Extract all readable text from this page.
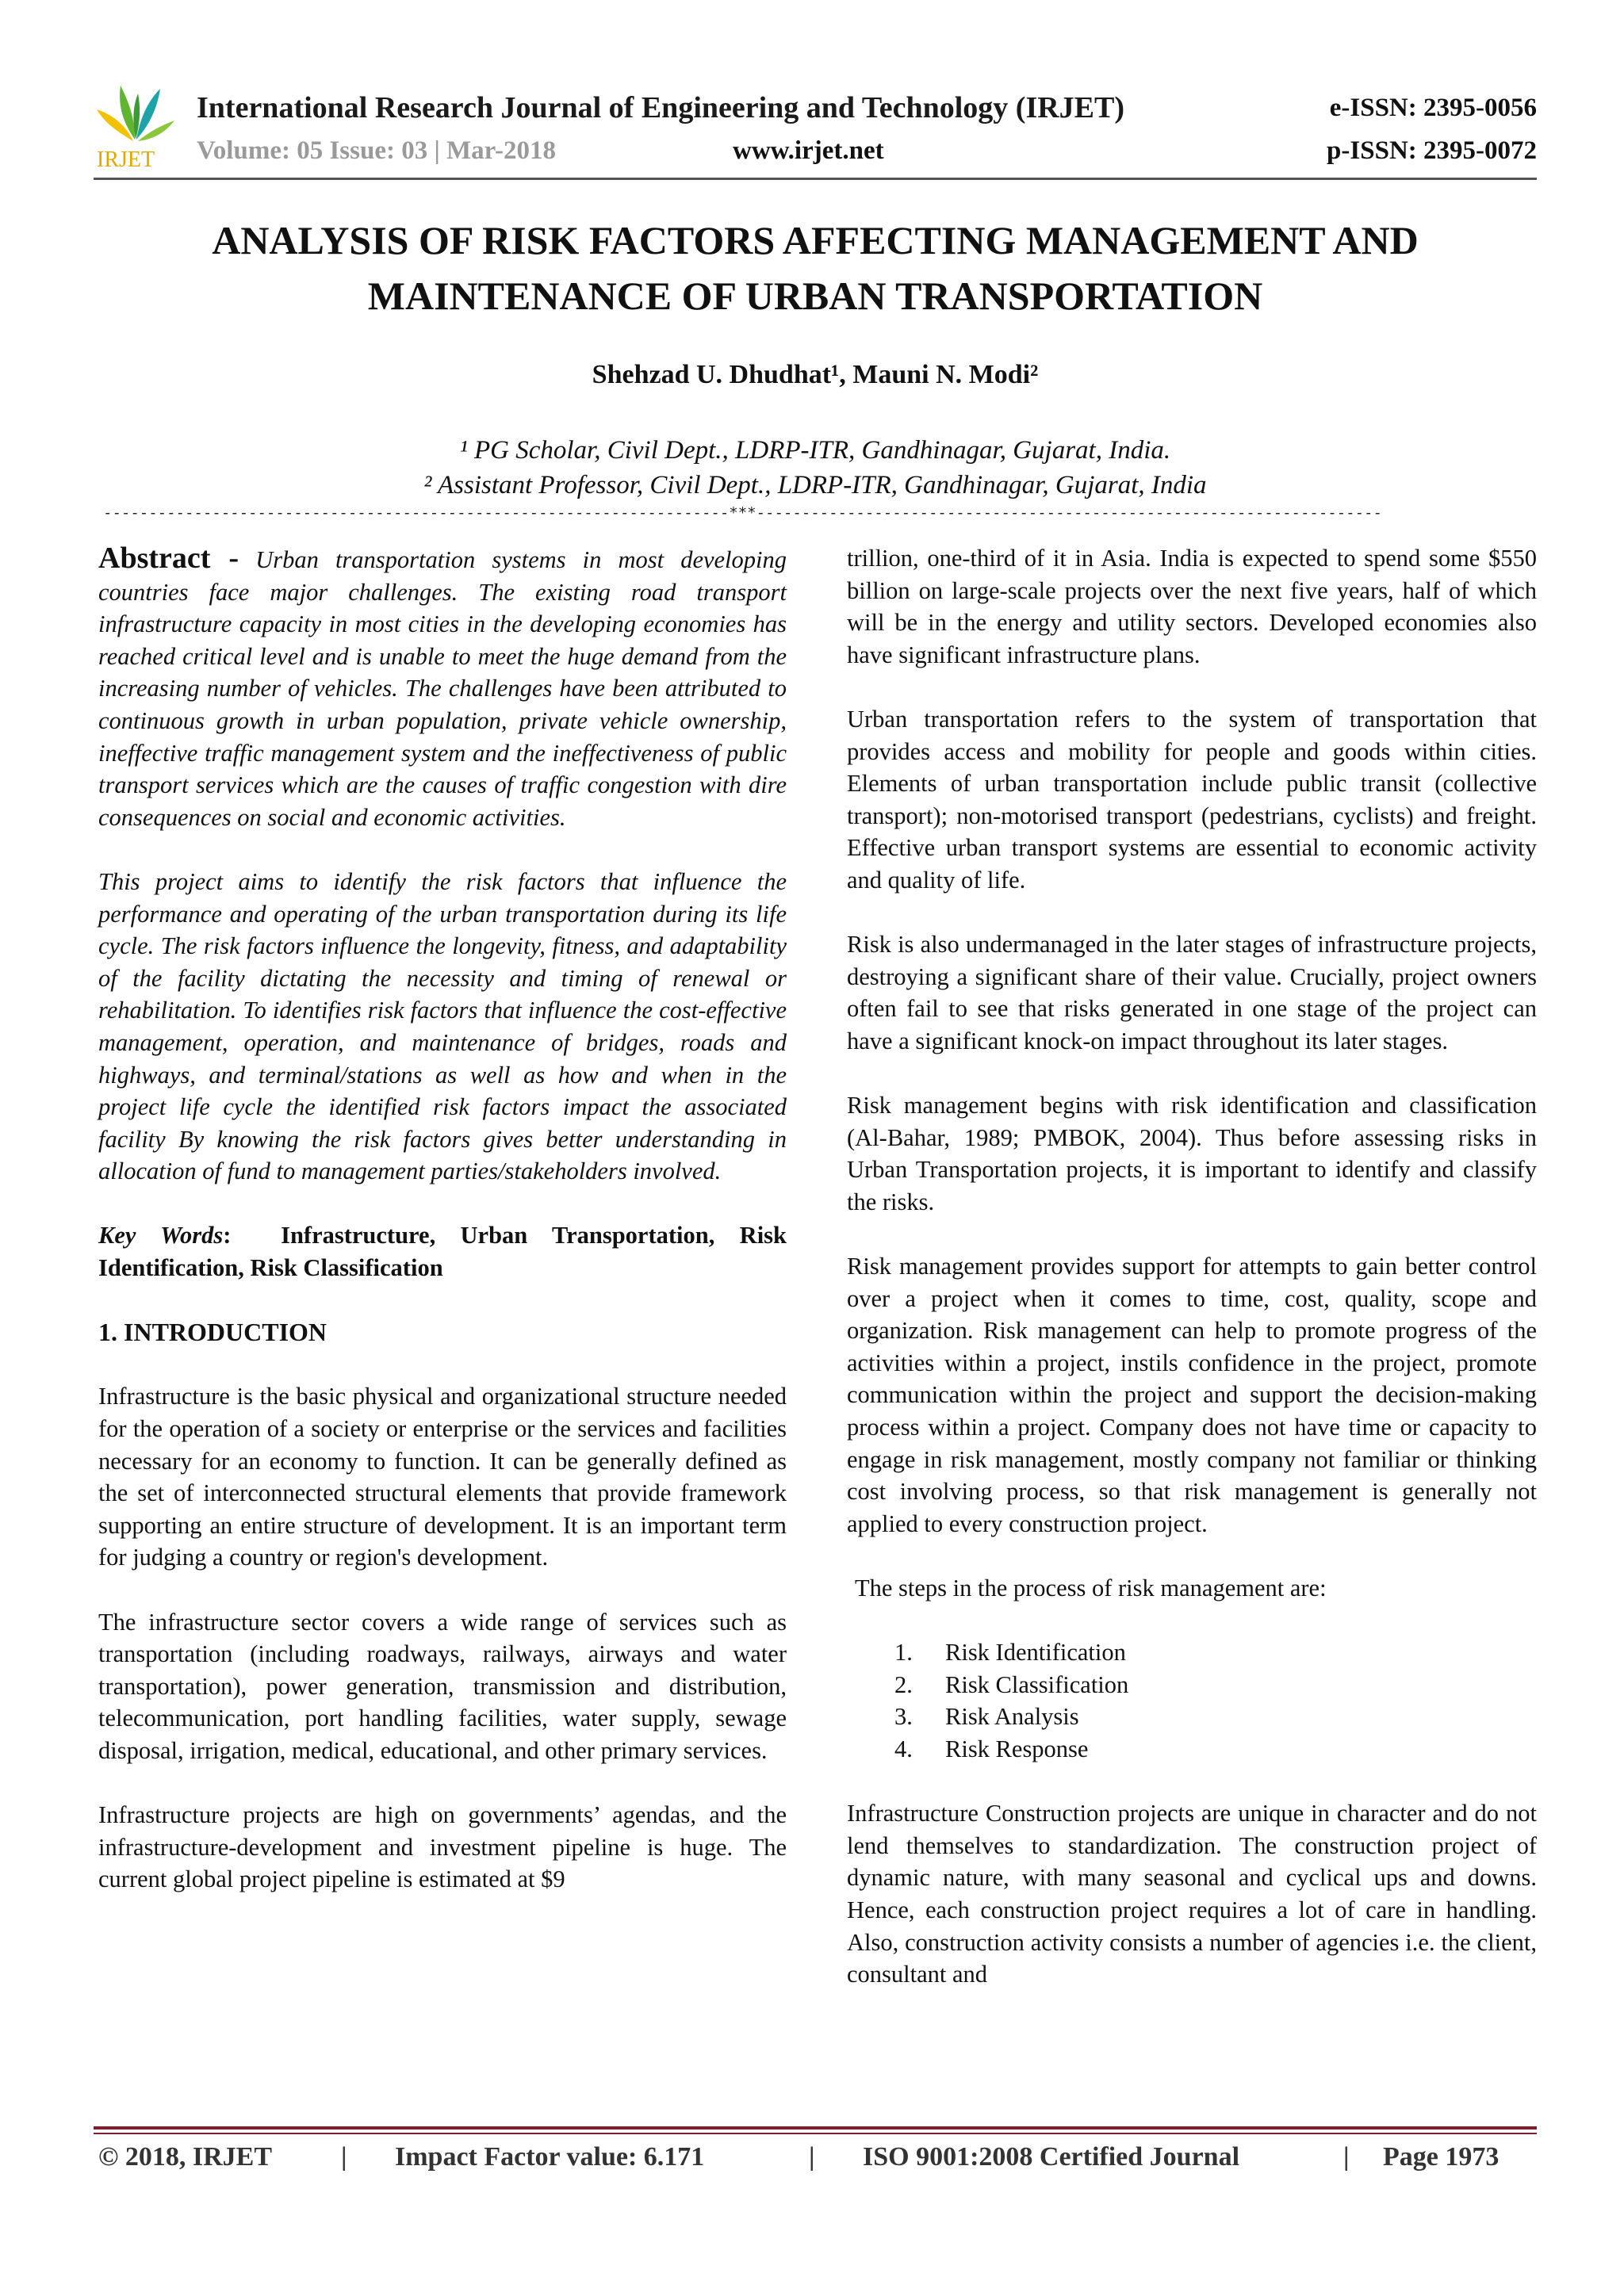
IRJET
International Research Journal of Engineering and Technology (IRJET)	e-ISSN: 2395-0056
Volume: 05 Issue: 03 | Mar-2018	www.irjet.net	p-ISSN: 2395-0072
ANALYSIS OF RISK FACTORS AFFECTING MANAGEMENT AND
MAINTENANCE OF URBAN TRANSPORTATION
Shehzad U. Dhudhat¹, Mauni N. Modi²
¹ PG Scholar, Civil Dept., LDRP-ITR, Gandhinagar, Gujarat, India.
² Assistant Professor, Civil Dept., LDRP-ITR, Gandhinagar, Gujarat, India
---------------------------------------------------------------------***---------------------------------------------------------------------

Abstract - Urban transportation systems in most developing countries face major challenges. The existing road transport infrastructure capacity in most cities in the developing economies has reached critical level and is unable to meet the huge demand from the increasing number of vehicles. The challenges have been attributed to continuous growth in urban population, private vehicle ownership, ineffective traffic management system and the ineffectiveness of public transport services which are the causes of traffic congestion with dire consequences on social and economic activities.

This project aims to identify the risk factors that influence the performance and operating of the urban transportation during its life cycle. The risk factors influence the longevity, fitness, and adaptability of the facility dictating the necessity and timing of renewal or rehabilitation. To identifies risk factors that influence the cost-effective management, operation, and maintenance of bridges, roads and highways, and terminal/stations as well as how and when in the project life cycle the identified risk factors impact the associated facility By knowing the risk factors gives better understanding in allocation of fund to management parties/stakeholders involved.

Key Words: Infrastructure, Urban Transportation, Risk Identification, Risk Classification

1. INTRODUCTION

Infrastructure is the basic physical and organizational structure needed for the operation of a society or enterprise or the services and facilities necessary for an economy to function. It can be generally defined as the set of interconnected structural elements that provide framework supporting an entire structure of development. It is an important term for judging a country or region's development.

The infrastructure sector covers a wide range of services such as transportation (including roadways, railways, airways and water transportation), power generation, transmission and distribution, telecommunication, port handling facilities, water supply, sewage disposal, irrigation, medical, educational, and other primary services.

Infrastructure projects are high on governments’ agendas, and the infrastructure-development and investment pipeline is huge. The current global project pipeline is estimated at $9

trillion, one-third of it in Asia. India is expected to spend some $550 billion on large-scale projects over the next five years, half of which will be in the energy and utility sectors. Developed economies also have significant infrastructure plans.

Urban transportation refers to the system of transportation that provides access and mobility for people and goods within cities. Elements of urban transportation include public transit (collective transport); non-motorised transport (pedestrians, cyclists) and freight. Effective urban transport systems are essential to economic activity and quality of life.

Risk is also undermanaged in the later stages of infrastructure projects, destroying a significant share of their value. Crucially, project owners often fail to see that risks generated in one stage of the project can have a significant knock-on impact throughout its later stages.

Risk management begins with risk identification and classification (Al-Bahar, 1989; PMBOK, 2004). Thus before assessing risks in Urban Transportation projects, it is important to identify and classify the risks.

Risk management provides support for attempts to gain better control over a project when it comes to time, cost, quality, scope and organization. Risk management can help to promote progress of the activities within a project, instils confidence in the project, promote communication within the project and support the decision-making process within a project. Company does not have time or capacity to engage in risk management, mostly company not familiar or thinking cost involving process, so that risk management is generally not applied to every construction project.

The steps in the process of risk management are:

1.	Risk Identification
2.	Risk Classification
3.	Risk Analysis
4.	Risk Response

Infrastructure Construction projects are unique in character and do not lend themselves to standardization. The construction project of dynamic nature, with many seasonal and cyclical ups and downs. Hence, each construction project requires a lot of care in handling. Also, construction activity consists a number of agencies i.e. the client, consultant and

© 2018, IRJET	| Impact Factor value: 6.171	| ISO 9001:2008 Certified Journal	| Page 1973
